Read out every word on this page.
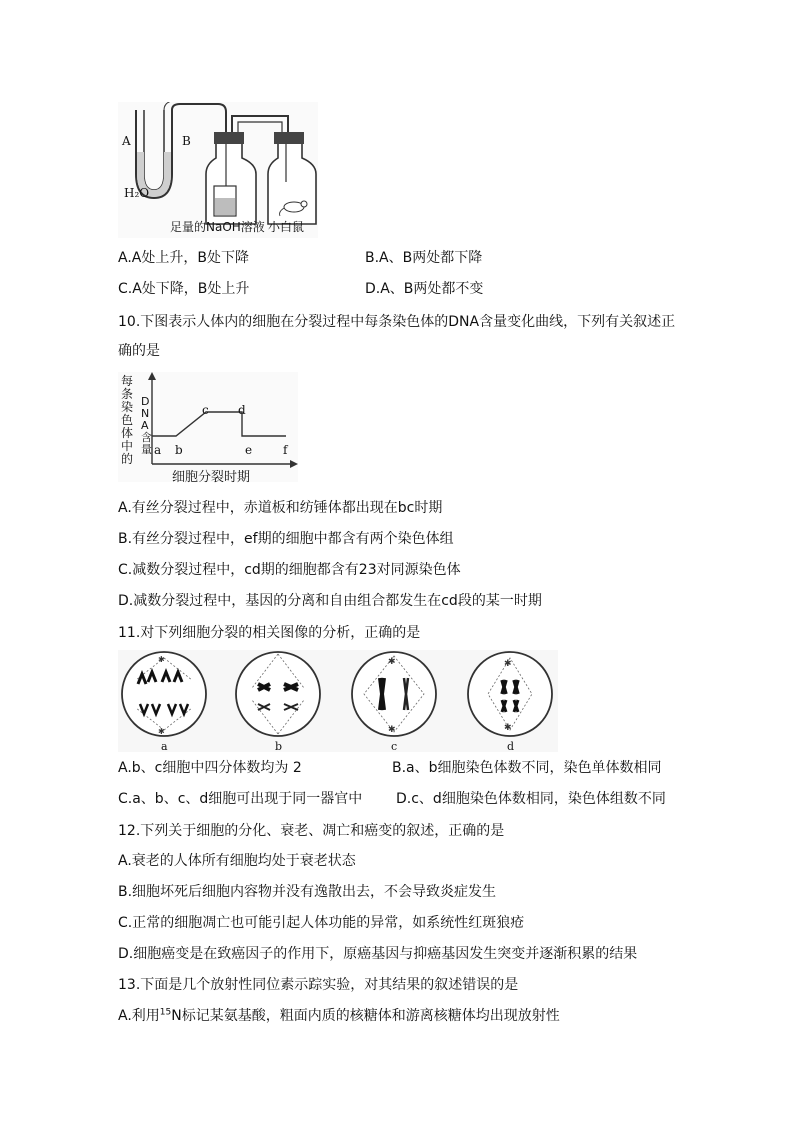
A	B
H₂O
足量的NaOH溶液 小白鼠
A.A处上升，B处下降	B.A、B两处都下降
C.A处下降，B处上升	D.A、B两处都不变
10.下图表示人体内的细胞在分裂过程中每条染色体的DNA含量变化曲线，下列有关叙述正
确的是
每条染色体中的
DNA含量
细胞分裂时期
a b
c d
e	f
A.有丝分裂过程中，赤道板和纺锤体都出现在bc时期
B.有丝分裂过程中，ef期的细胞中都含有两个染色体组
C.减数分裂过程中，cd期的细胞都含有23对同源染色体
D.减数分裂过程中，基因的分离和自由组合都发生在cd段的某一时期
11.对下列细胞分裂的相关图像的分析，正确的是
✱
✱
✱
✱
✱
✱
a	b	c	d
A.b、c细胞中四分体数均为 2	B.a、b细胞染色体数不同，染色单体数相同
C.a、b、c、d细胞可出现于同一器官中 D.c、d细胞染色体数相同，染色体组数不同
12.下列关于细胞的分化、衰老、凋亡和癌变的叙述，正确的是
A.衰老的人体所有细胞均处于衰老状态
B.细胞坏死后细胞内容物并没有逸散出去，不会导致炎症发生
C.正常的细胞凋亡也可能引起人体功能的异常，如系统性红斑狼疮
D.细胞癌变是在致癌因子的作用下，原癌基因与抑癌基因发生突变并逐渐积累的结果
13.下面是几个放射性同位素示踪实验，对其结果的叙述错误的是
A.利用$^{15}$N标记某氨基酸，粗面内质的核糖体和游离核糖体均出现放射性
